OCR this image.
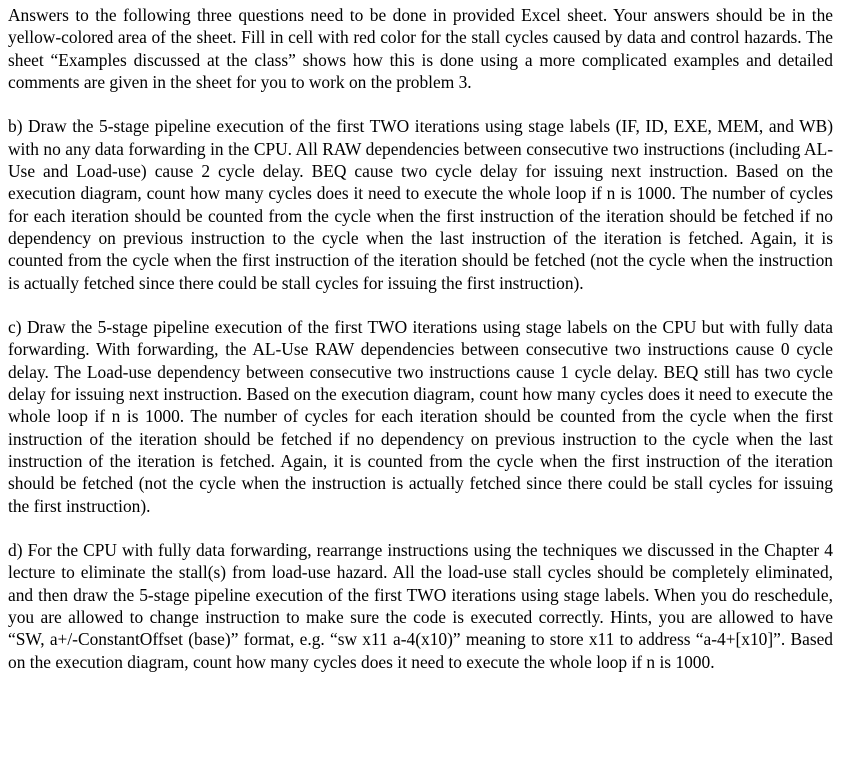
Answers to the following three questions need to be done in provided Excel sheet. Your answers should be in the yellow-colored area of the sheet. Fill in cell with red color for the stall cycles caused by data and control hazards. The sheet “Examples discussed at the class” shows how this is done using a more complicated examples and detailed comments are given in the sheet for you to work on the problem 3.

b) Draw the 5-stage pipeline execution of the first TWO iterations using stage labels (IF, ID, EXE, MEM, and WB) with no any data forwarding in the CPU. All RAW dependencies between consecutive two instructions (including AL-Use and Load-use) cause 2 cycle delay. BEQ cause two cycle delay for issuing next instruction. Based on the execution diagram, count how many cycles does it need to execute the whole loop if n is 1000. The number of cycles for each iteration should be counted from the cycle when the first instruction of the iteration should be fetched if no dependency on previous instruction to the cycle when the last instruction of the iteration is fetched. Again, it is counted from the cycle when the first instruction of the iteration should be fetched (not the cycle when the instruction is actually fetched since there could be stall cycles for issuing the first instruction).

c) Draw the 5-stage pipeline execution of the first TWO iterations using stage labels on the CPU but with fully data forwarding. With forwarding, the AL-Use RAW dependencies between consecutive two instructions cause 0 cycle delay. The Load-use dependency between consecutive two instructions cause 1 cycle delay. BEQ still has two cycle delay for issuing next instruction. Based on the execution diagram, count how many cycles does it need to execute the whole loop if n is 1000. The number of cycles for each iteration should be counted from the cycle when the first instruction of the iteration should be fetched if no dependency on previous instruction to the cycle when the last instruction of the iteration is fetched. Again, it is counted from the cycle when the first instruction of the iteration should be fetched (not the cycle when the instruction is actually fetched since there could be stall cycles for issuing the first instruction).

d) For the CPU with fully data forwarding, rearrange instructions using the techniques we discussed in the Chapter 4 lecture to eliminate the stall(s) from load-use hazard. All the load-use stall cycles should be completely eliminated, and then draw the 5-stage pipeline execution of the first TWO iterations using stage labels. When you do reschedule, you are allowed to change instruction to make sure the code is executed correctly. Hints, you are allowed to have “SW, a+/-ConstantOffset (base)” format, e.g. “sw x11 a-4(x10)” meaning to store x11 to address “a-4+[x10]”. Based on the execution diagram, count how many cycles does it need to execute the whole loop if n is 1000.
